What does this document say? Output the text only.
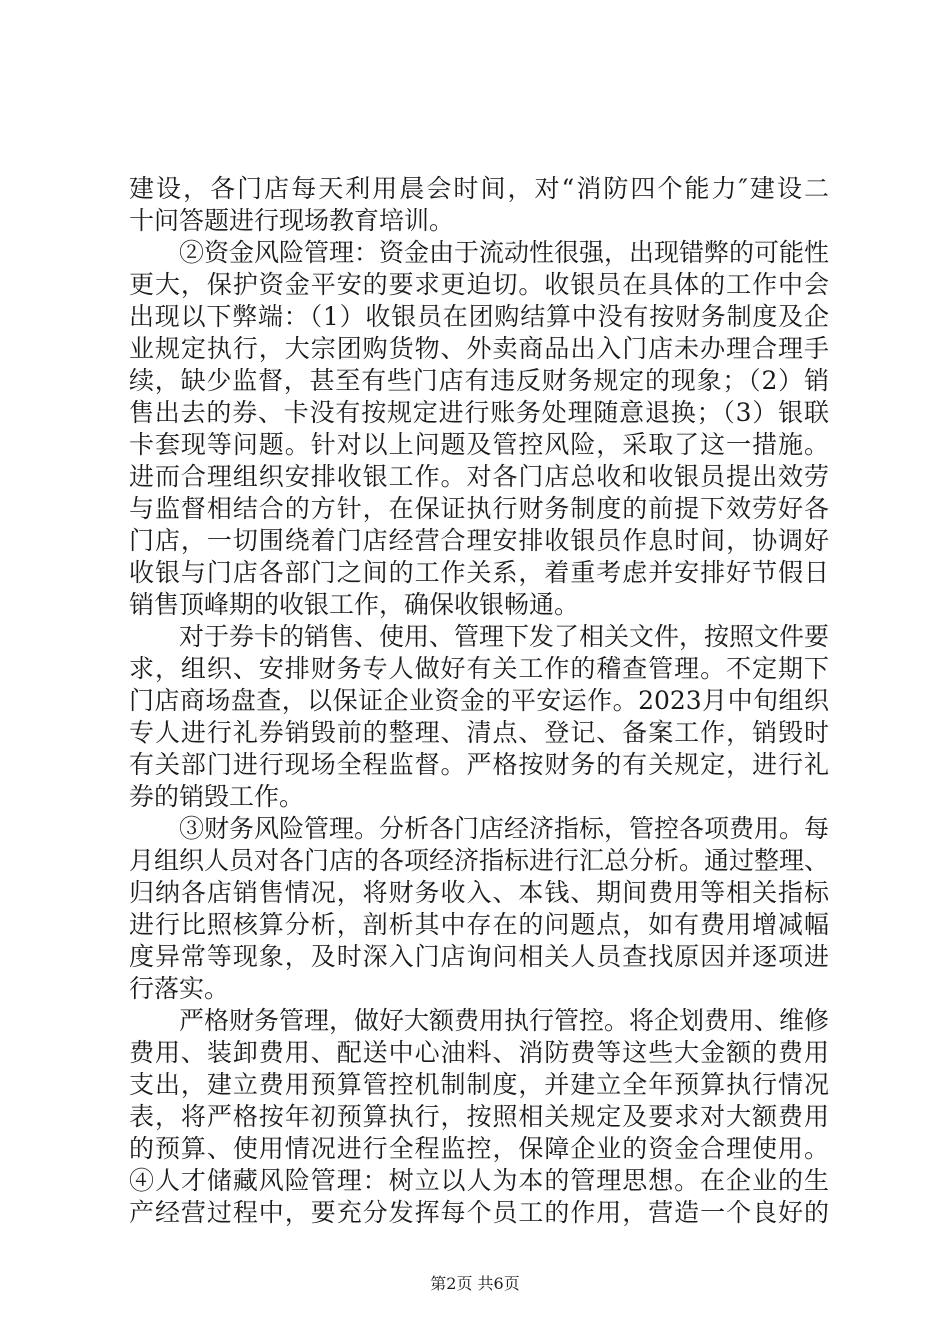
建设，各门店每天利用晨会时间，对“消防四个能力″建设二
十问答题进行现场教育培训。
②资金风险管理：资金由于流动性很强，出现错弊的可能性
更大，保护资金平安的要求更迫切。收银员在具体的工作中会
出现以下弊端：（1）收银员在团购结算中没有按财务制度及企
业规定执行，大宗团购货物、外卖商品出入门店未办理合理手
续，缺少监督，甚至有些门店有违反财务规定的现象；（2）销
售出去的券、卡没有按规定进行账务处理随意退换；（3）银联
卡套现等问题。针对以上问题及管控风险，采取了这一措施。
进而合理组织安排收银工作。对各门店总收和收银员提出效劳
与监督相结合的方针，在保证执行财务制度的前提下效劳好各
门店，一切围绕着门店经营合理安排收银员作息时间，协调好
收银与门店各部门之间的工作关系，着重考虑并安排好节假日
销售顶峰期的收银工作，确保收银畅通。
对于券卡的销售、使用、管理下发了相关文件，按照文件要
求，组织、安排财务专人做好有关工作的稽查管理。不定期下
门店商场盘查，以保证企业资金的平安运作。2023月中旬组织
专人进行礼券销毁前的整理、清点、登记、备案工作，销毁时
有关部门进行现场全程监督。严格按财务的有关规定，进行礼
券的销毁工作。
③财务风险管理。分析各门店经济指标，管控各项费用。每
月组织人员对各门店的各项经济指标进行汇总分析。通过整理、
归纳各店销售情况，将财务收入、本钱、期间费用等相关指标
进行比照核算分析，剖析其中存在的问题点，如有费用增减幅
度异常等现象，及时深入门店询问相关人员查找原因并逐项进
行落实。
严格财务管理，做好大额费用执行管控。将企划费用、维修
费用、装卸费用、配送中心油料、消防费等这些大金额的费用
支出，建立费用预算管控机制制度，并建立全年预算执行情况
表，将严格按年初预算执行，按照相关规定及要求对大额费用
的预算、使用情况进行全程监控，保障企业的资金合理使用。
④人才储藏风险管理：树立以人为本的管理思想。在企业的生
产经营过程中，要充分发挥每个员工的作用，营造一个良好的
第2页 共6页
